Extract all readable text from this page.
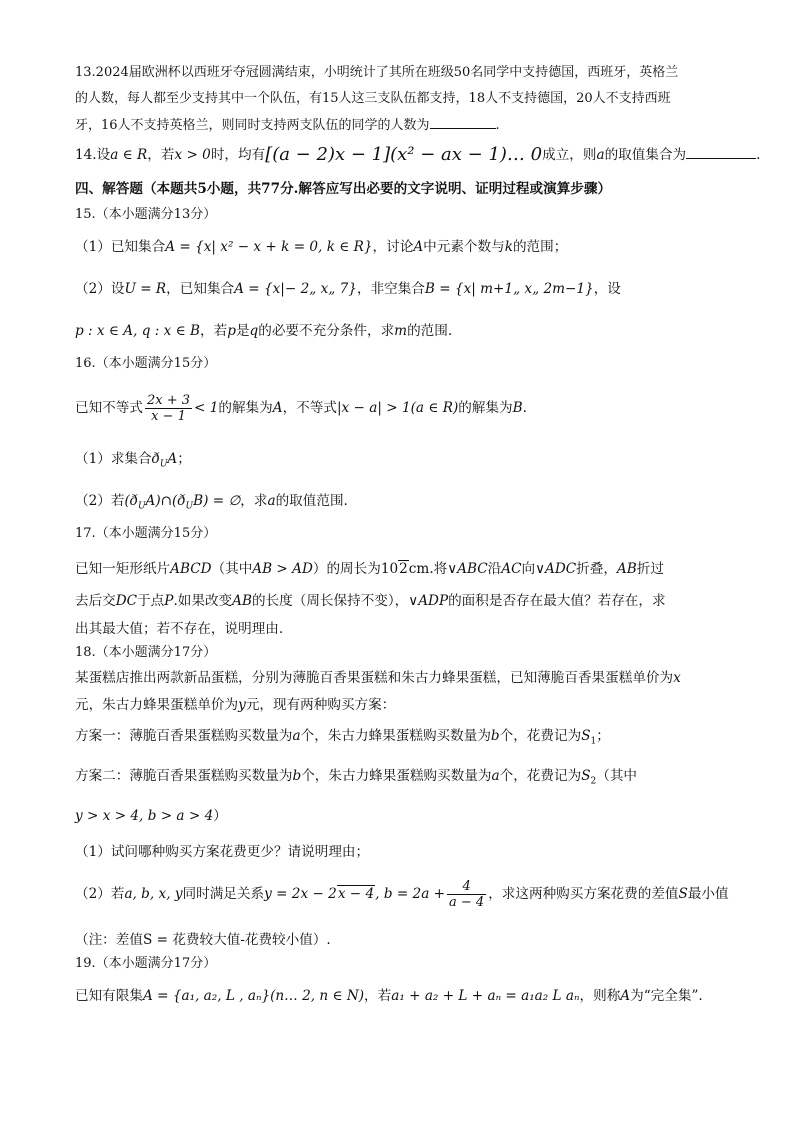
13.2024届欧洲杯以西班牙夺冠圆满结束，小明统计了其所在班级50名同学中支持德国，西班牙，英格兰
的人数，每人都至少支持其中一个队伍，有15人这三支队伍都支持，18人不支持德国，20人不支持西班
牙，16人不支持英格兰，则同时支持两支队伍的同学的人数为	.
14.设a ∈ R，若x > 0时，均有[(a − 2)x − 1](x² − ax − 1)… 0成立，则a的取值集合为	.
四、解答题（本题共5小题，共77分.解答应写出必要的文字说明、证明过程或演算步骤）
15.（本小题满分13分）
（1）已知集合A = {x| x² − x + k = 0, k ∈ R}，讨论A中元素个数与k的范围；
（2）设U = R，已知集合A = {x|− 2„ x„ 7}，非空集合B = {x| m+1„ x„ 2m−1}，设
p : x ∈ A, q : x ∈ B，若p是q的必要不充分条件，求m的范围.
16.（本小题满分15分）
已知不等式 $\frac{2x + 3}{x - 1} < 1$的解集为A，不等式|x − a| > 1(a ∈ R)的解集为B.
（1）求集合$ð_UA$；
（2）若$(ð_UA)\cap(ð_UB)$ = ∅，求a的取值范围.
17.（本小题满分15分）
已知一矩形纸片ABCD（其中AB > AD）的周长为102cm.将∨ABC沿AC向∨ADC折叠，AB折过
去后交DC于点P.如果改变AB的长度（周长保持不变），∨ADP的面积是否存在最大值？若存在，求
出其最大值；若不存在，说明理由.
18.（本小题满分17分）
某蛋糕店推出两款新品蛋糕，分别为薄脆百香果蛋糕和朱古力蜂果蛋糕，已知薄脆百香果蛋糕单价为x
元，朱古力蜂果蛋糕单价为y元，现有两种购买方案：
方案一：薄脆百香果蛋糕购买数量为a个，朱古力蜂果蛋糕购买数量为b个，花费记为$S_1$；
方案二：薄脆百香果蛋糕购买数量为b个，朱古力蜂果蛋糕购买数量为a个，花费记为$S_2$（其中
y > x > 4, b > a > 4）
（1）试问哪种购买方案花费更少？请说明理由；
（2）若a, b, x, y同时满足关系y = 2x − 2x − 4, $b = 2a + \frac{4}{a - 4}$ ，求这两种购买方案花费的差值S最小值
（注：差值S = 花费较大值-花费较小值）.
19.（本小题满分17分）
已知有限集A = {a₁, a₂, L , aₙ}(n… 2, n ∈ N)，若a₁ + a₂ + L + aₙ = a₁a₂ L aₙ，则称A为“完全集”.
